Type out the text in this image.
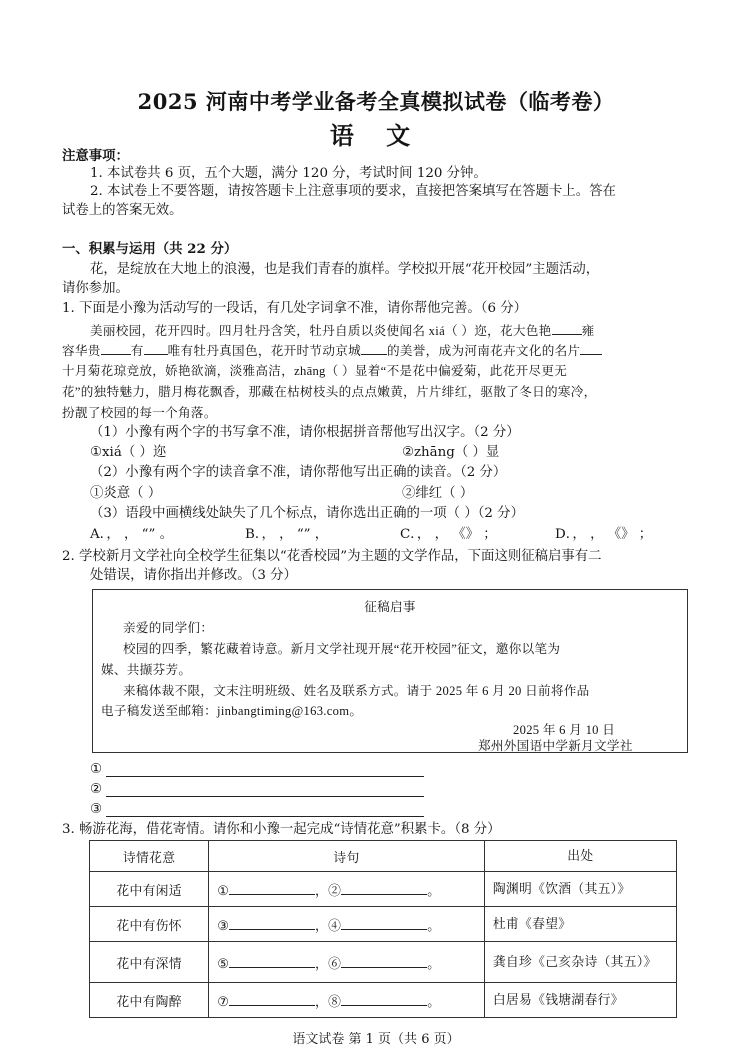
2025 河南中考学业备考全真模拟试卷（临考卷）
语 文
注意事项：
1. 本试卷共 6 页，五个大题，满分 120 分，考试时间 120 分钟。
2. 本试卷上不要答题，请按答题卡上注意事项的要求，直接把答案填写在答题卡上。答在
试卷上的答案无效。
一、积累与运用（共 22 分）
花，是绽放在大地上的浪漫，也是我们青春的旗样。学校拟开展“花开校园”主题活动，
请你参加。
1. 下面是小豫为活动写的一段话，有几处字词拿不准，请你帮他完善。（6 分）
美丽校园，花开四时。四月牡丹含笑，牡丹自质以炎使闻名 xiá（ ）迩，花大色艳 雍
容华贵 有 唯有牡丹真国色，花开时节动京城 的美誉，成为河南花卉文化的名片
十月菊花琼竞放，娇艳欲滴，淡雅高洁，zhāng（ ）显着“不是花中偏爱菊，此花开尽更无
花”的独特魅力，腊月梅花飘香，那藏在枯树枝头的点点嫩黄，片片绯红，驱散了冬日的寒冷，
扮靓了校园的每一个角落。
（1）小豫有两个字的书写拿不准，请你根据拼音帮他写出汉字。（2 分）
①xiá（ ）迩	②zhāng（ ）显
（2）小豫有两个字的读音拿不准，请你帮他写出正确的读音。（2 分）
①炎意（ ）	②绯红（ ）
（3）语段中画横线处缺失了几个标点，请你选出正确的一项（ ）（2 分）
A．， ， “” 。	B．， ， “” ，	C．， ， 《》 ；	D．， ， 《》 ；
2. 学校新月文学社向全校学生征集以“花香校园”为主题的文学作品，下面这则征稿启事有二
处错误，请你指出并修改。（3 分）
征稿启事
亲爱的同学们：
校园的四季，繁花藏着诗意。新月文学社现开展“花开校园”征文，邀你以笔为
媒、共撷芬芳。
来稿体裁不限，文末注明班级、姓名及联系方式。请于 2025 年 6 月 20 日前将作品
电子稿发送至邮箱：jinbangtiming@163.com。
2025 年 6 月 10 日
郑州外国语中学新月文学社
①
②
③
3. 畅游花海，借花寄情。请你和小豫一起完成“诗情花意”积累卡。（8 分）
诗情花意	诗句	出处
花中有闲适	① ，② 。	陶渊明《饮酒（其五）》
花中有伤怀	③ ，④ 。	杜甫《春望》
花中有深情	⑤ ，⑥ 。	龚自珍《己亥杂诗（其五）》
花中有陶醉	⑦ ，⑧ 。	白居易《钱塘湖春行》
语文试卷 第 1 页（共 6 页）
